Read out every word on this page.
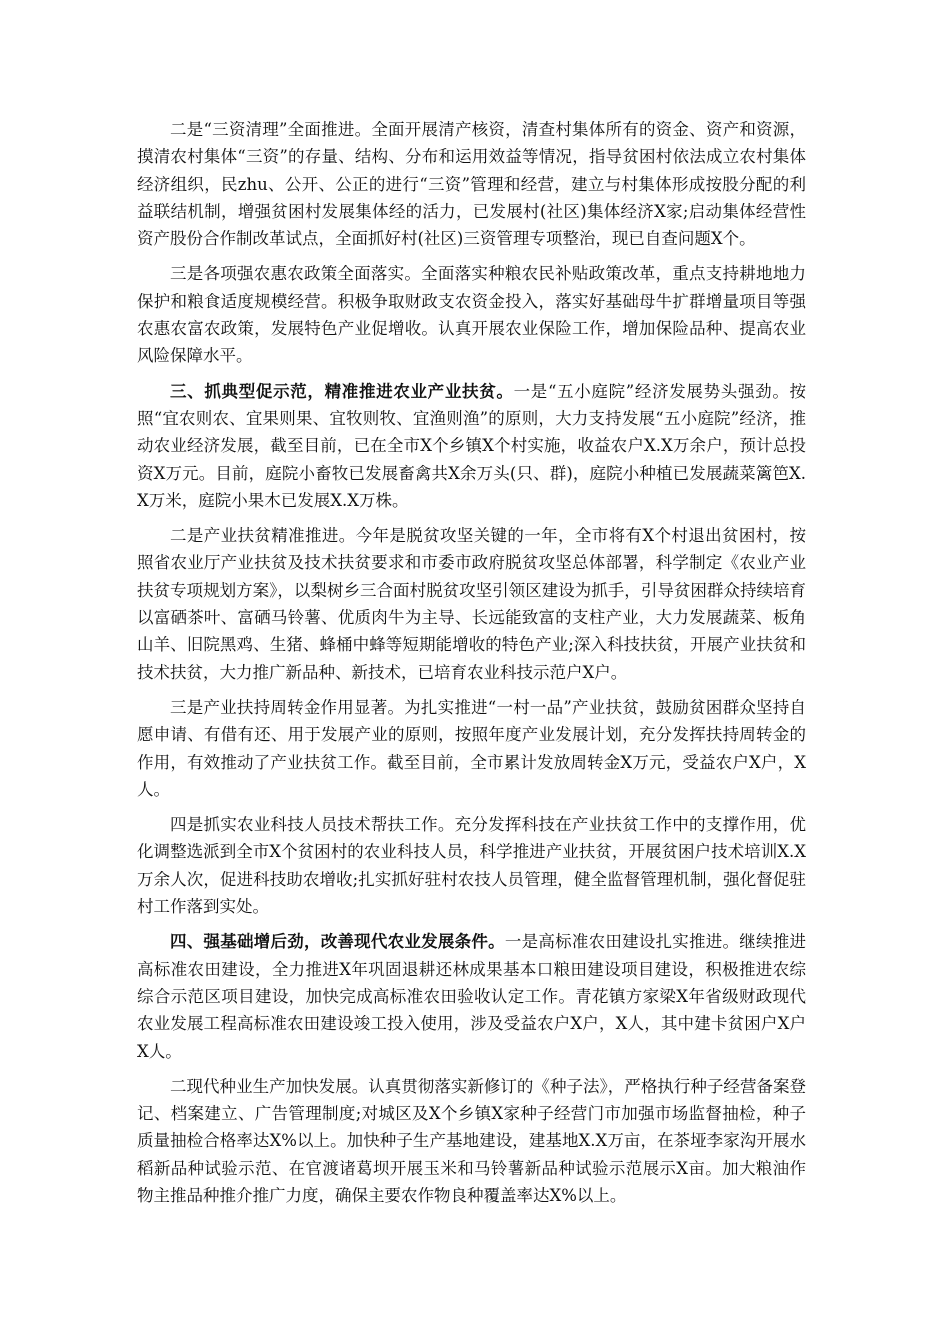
二是“三资清理”全面推进。全面开展清产核资，清查村集体所有的资金、资产和资源，摸清农村集体“三资”的存量、结构、分布和运用效益等情况，指导贫困村依法成立农村集体经济组织，民zhu、公开、公正的进行“三资”管理和经营，建立与村集体形成按股分配的利益联结机制，增强贫困村发展集体经的活力，已发展村(社区)集体经济X家;启动集体经营性资产股份合作制改革试点，全面抓好村(社区)三资管理专项整治，现已自查问题X个。

三是各项强农惠农政策全面落实。全面落实种粮农民补贴政策改革，重点支持耕地地力保护和粮食适度规模经营。积极争取财政支农资金投入，落实好基础母牛扩群增量项目等强农惠农富农政策，发展特色产业促增收。认真开展农业保险工作，增加保险品种、提高农业风险保障水平。

三、抓典型促示范，精准推进农业产业扶贫。一是“五小庭院”经济发展势头强劲。按照“宜农则农、宜果则果、宜牧则牧、宜渔则渔”的原则，大力支持发展“五小庭院”经济，推动农业经济发展，截至目前，已在全市X个乡镇X个村实施，收益农户X.X万余户，预计总投资X万元。目前，庭院小畜牧已发展畜禽共X余万头(只、群)，庭院小种植已发展蔬菜篱笆X.X万米，庭院小果木已发展X.X万株。

二是产业扶贫精准推进。今年是脱贫攻坚关键的一年，全市将有X个村退出贫困村，按照省农业厅产业扶贫及技术扶贫要求和市委市政府脱贫攻坚总体部署，科学制定《农业产业扶贫专项规划方案》，以梨树乡三合面村脱贫攻坚引领区建设为抓手，引导贫困群众持续培育以富硒茶叶、富硒马铃薯、优质肉牛为主导、长远能致富的支柱产业，大力发展蔬菜、板角山羊、旧院黑鸡、生猪、蜂桶中蜂等短期能增收的特色产业;深入科技扶贫，开展产业扶贫和技术扶贫，大力推广新品种、新技术，已培育农业科技示范户X户。

三是产业扶持周转金作用显著。为扎实推进“一村一品”产业扶贫，鼓励贫困群众坚持自愿申请、有借有还、用于发展产业的原则，按照年度产业发展计划，充分发挥扶持周转金的作用，有效推动了产业扶贫工作。截至目前，全市累计发放周转金X万元，受益农户X户，X人。

四是抓实农业科技人员技术帮扶工作。充分发挥科技在产业扶贫工作中的支撑作用，优化调整选派到全市X个贫困村的农业科技人员，科学推进产业扶贫，开展贫困户技术培训X.X万余人次，促进科技助农增收;扎实抓好驻村农技人员管理，健全监督管理机制，强化督促驻村工作落到实处。

四、强基础增后劲，改善现代农业发展条件。一是高标准农田建设扎实推进。继续推进高标准农田建设，全力推进X年巩固退耕还林成果基本口粮田建设项目建设，积极推进农综综合示范区项目建设，加快完成高标准农田验收认定工作。青花镇方家梁X年省级财政现代农业发展工程高标准农田建设竣工投入使用，涉及受益农户X户，X人，其中建卡贫困户X户X人。

二现代种业生产加快发展。认真贯彻落实新修订的《种子法》，严格执行种子经营备案登记、档案建立、广告管理制度;对城区及X个乡镇X家种子经营门市加强市场监督抽检，种子质量抽检合格率达X%以上。加快种子生产基地建设，建基地X.X万亩，在茶垭李家沟开展水稻新品种试验示范、在官渡诸葛坝开展玉米和马铃薯新品种试验示范展示X亩。加大粮油作物主推品种推介推广力度，确保主要农作物良种覆盖率达X%以上。
